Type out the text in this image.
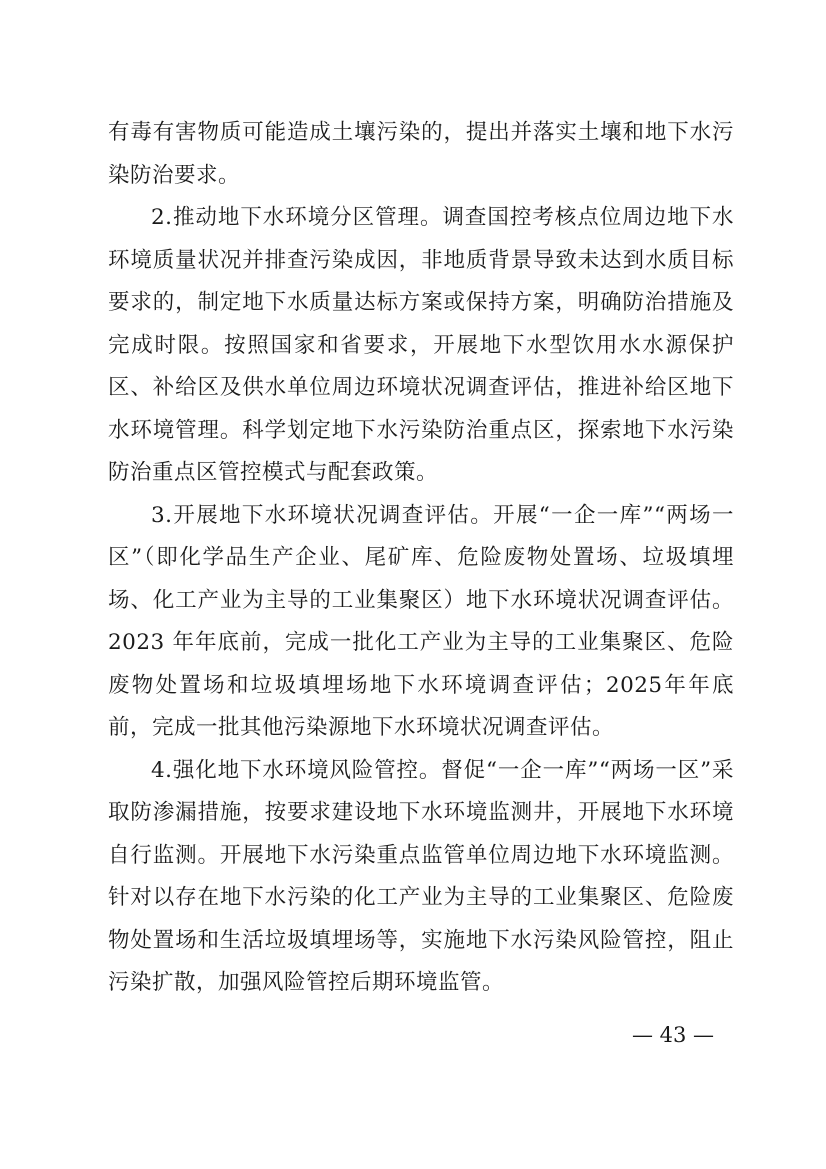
有毒有害物质可能造成土壤污染的，提出并落实土壤和地下水污染防治要求。

2.推动地下水环境分区管理。调查国控考核点位周边地下水环境质量状况并排查污染成因，非地质背景导致未达到水质目标要求的，制定地下水质量达标方案或保持方案，明确防治措施及完成时限。按照国家和省要求，开展地下水型饮用水水源保护区、补给区及供水单位周边环境状况调查评估，推进补给区地下水环境管理。科学划定地下水污染防治重点区，探索地下水污染防治重点区管控模式与配套政策。

3.开展地下水环境状况调查评估。开展“一企一库”“两场一区”（即化学品生产企业、尾矿库、危险废物处置场、垃圾填埋场、化工产业为主导的工业集聚区）地下水环境状况调查评估。2023 年年底前，完成一批化工产业为主导的工业集聚区、危险废物处置场和垃圾填埋场地下水环境调查评估；2025年年底前，完成一批其他污染源地下水环境状况调查评估。

4.强化地下水环境风险管控。督促“一企一库”“两场一区”采取防渗漏措施，按要求建设地下水环境监测井，开展地下水环境自行监测。开展地下水污染重点监管单位周边地下水环境监测。针对以存在地下水污染的化工产业为主导的工业集聚区、危险废物处置场和生活垃圾填埋场等，实施地下水污染风险管控，阻止污染扩散，加强风险管控后期环境监管。

— 43 —
